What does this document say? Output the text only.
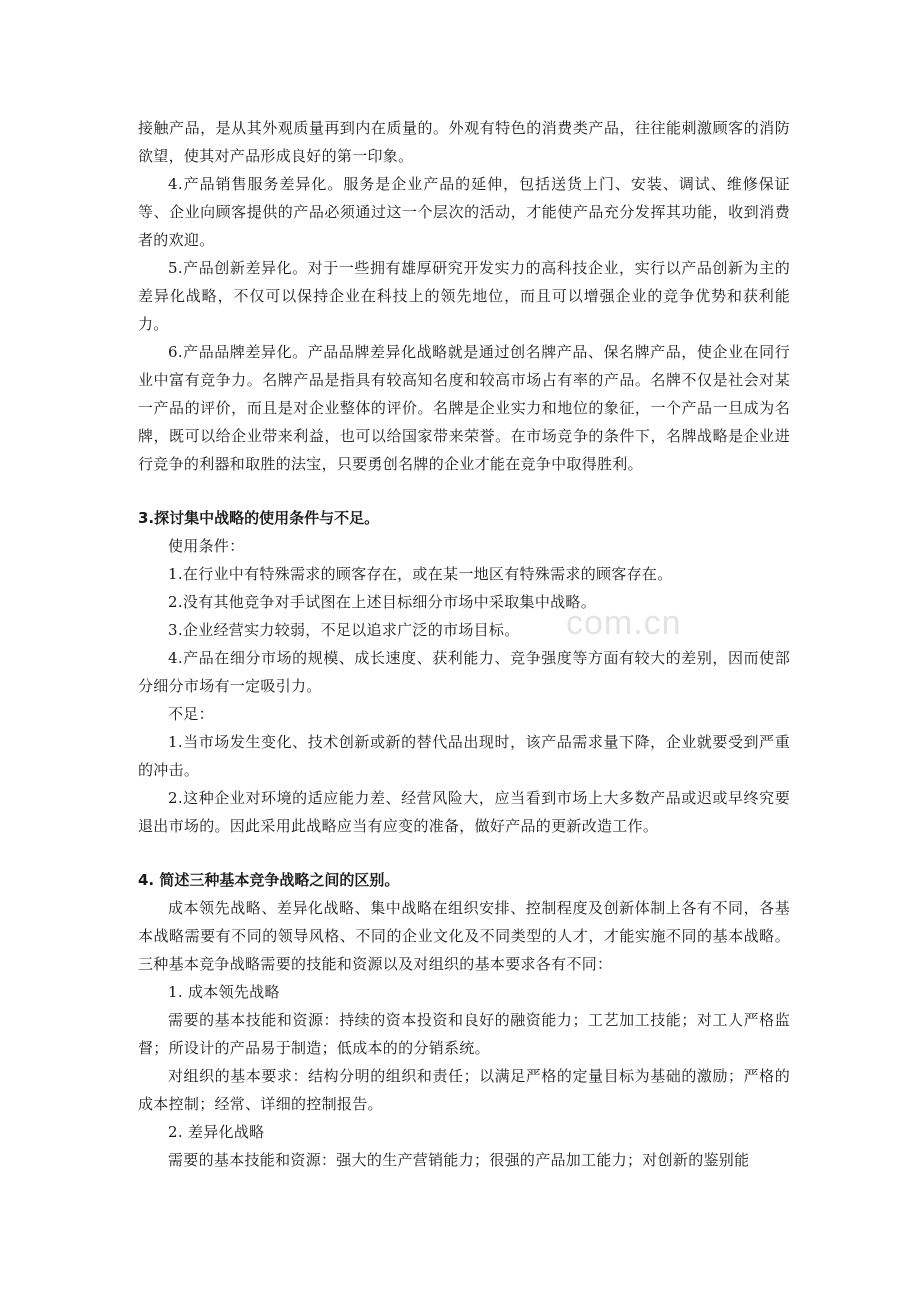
com.cn

接触产品，是从其外观质量再到内在质量的。外观有特色的消费类产品，往往能刺激顾客的消防欲望，使其对产品形成良好的第一印象。

4.产品销售服务差异化。服务是企业产品的延伸，包括送货上门、安装、调试、维修保证等、企业向顾客提供的产品必须通过这一个层次的活动，才能使产品充分发挥其功能，收到消费者的欢迎。

5.产品创新差异化。对于一些拥有雄厚研究开发实力的高科技企业，实行以产品创新为主的差异化战略，不仅可以保持企业在科技上的领先地位，而且可以增强企业的竞争优势和获利能力。

6.产品品牌差异化。产品品牌差异化战略就是通过创名牌产品、保名牌产品，使企业在同行业中富有竞争力。名牌产品是指具有较高知名度和较高市场占有率的产品。名牌不仅是社会对某一产品的评价，而且是对企业整体的评价。名牌是企业实力和地位的象征，一个产品一旦成为名牌，既可以给企业带来利益，也可以给国家带来荣誉。在市场竞争的条件下，名牌战略是企业进行竞争的利器和取胜的法宝，只要勇创名牌的企业才能在竞争中取得胜利。

3.探讨集中战略的使用条件与不足。

使用条件：

1.在行业中有特殊需求的顾客存在，或在某一地区有特殊需求的顾客存在。

2.没有其他竞争对手试图在上述目标细分市场中采取集中战略。

3.企业经营实力较弱，不足以追求广泛的市场目标。

4.产品在细分市场的规模、成长速度、获利能力、竞争强度等方面有较大的差别，因而使部分细分市场有一定吸引力。

不足：

1.当市场发生变化、技术创新或新的替代品出现时，该产品需求量下降，企业就要受到严重的冲击。

2.这种企业对环境的适应能力差、经营风险大，应当看到市场上大多数产品或迟或早终究要退出市场的。因此采用此战略应当有应变的准备，做好产品的更新改造工作。

4. 简述三种基本竞争战略之间的区别。

成本领先战略、差异化战略、集中战略在组织安排、控制程度及创新体制上各有不同，各基本战略需要有不同的领导风格、不同的企业文化及不同类型的人才，才能实施不同的基本战略。三种基本竞争战略需要的技能和资源以及对组织的基本要求各有不同：

1. 成本领先战略

需要的基本技能和资源：持续的资本投资和良好的融资能力；工艺加工技能；对工人严格监督；所设计的产品易于制造；低成本的的分销系统。

对组织的基本要求：结构分明的组织和责任；以满足严格的定量目标为基础的激励；严格的成本控制；经常、详细的控制报告。

2. 差异化战略

需要的基本技能和资源：强大的生产营销能力；很强的产品加工能力；对创新的鉴别能
